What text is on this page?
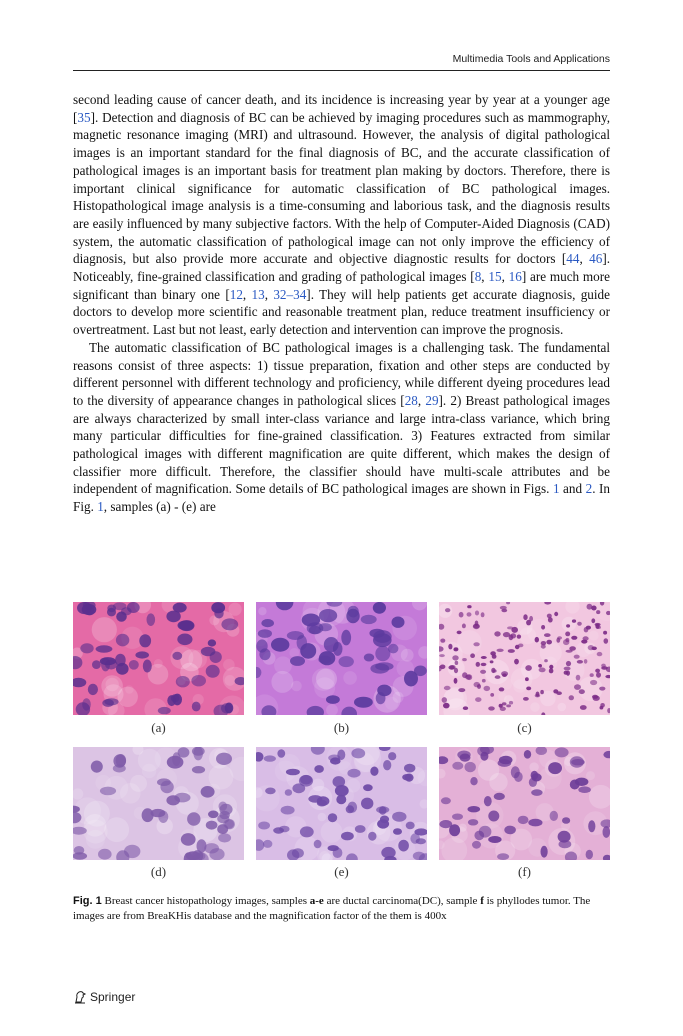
Multimedia Tools and Applications

second leading cause of cancer death, and its incidence is increasing year by year at a younger age [35]. Detection and diagnosis of BC can be achieved by imaging procedures such as mammography, magnetic resonance imaging (MRI) and ultrasound. However, the analysis of digital pathological images is an important standard for the final diagnosis of BC, and the accurate classification of pathological images is an important basis for treatment plan making by doctors. Therefore, there is important clinical significance for automatic classification of BC pathological images. Histopathological image analysis is a time-consuming and laborious task, and the diagnosis results are easily influenced by many subjective factors. With the help of Computer-Aided Diagnosis (CAD) system, the automatic classification of pathological image can not only improve the efficiency of diagnosis, but also provide more accurate and objective diagnostic results for doctors [44, 46]. Noticeably, fine-grained classification and grading of pathological images [8, 15, 16] are much more significant than binary one [12, 13, 32–34]. They will help patients get accurate diagnosis, guide doctors to develop more scientific and reasonable treatment plan, reduce treatment insufficiency or overtreatment. Last but not least, early detection and intervention can improve the prognosis.

The automatic classification of BC pathological images is a challenging task. The fundamental reasons consist of three aspects: 1) tissue preparation, fixation and other steps are conducted by different personnel with different technology and proficiency, while different dyeing procedures lead to the diversity of appearance changes in pathological slices [28, 29]. 2) Breast pathological images are always characterized by small inter-class variance and large intra-class variance, which bring many particular difficulties for fine-grained classification. 3) Features extracted from similar pathological images with different magnification are quite different, which makes the design of classifier more difficult. Therefore, the classifier should have multi-scale attributes and be independent of magnification. Some details of BC pathological images are shown in Figs. 1 and 2. In Fig. 1, samples (a) - (e) are

(a)	(b)	(c)
(d)	(e)	(f)
Fig. 1 Breast cancer histopathology images, samples a-e are ductal carcinoma(DC), sample f is phyllodes tumor. The images are from BreaKHis database and the magnification factor of the them is 400x
Springer
